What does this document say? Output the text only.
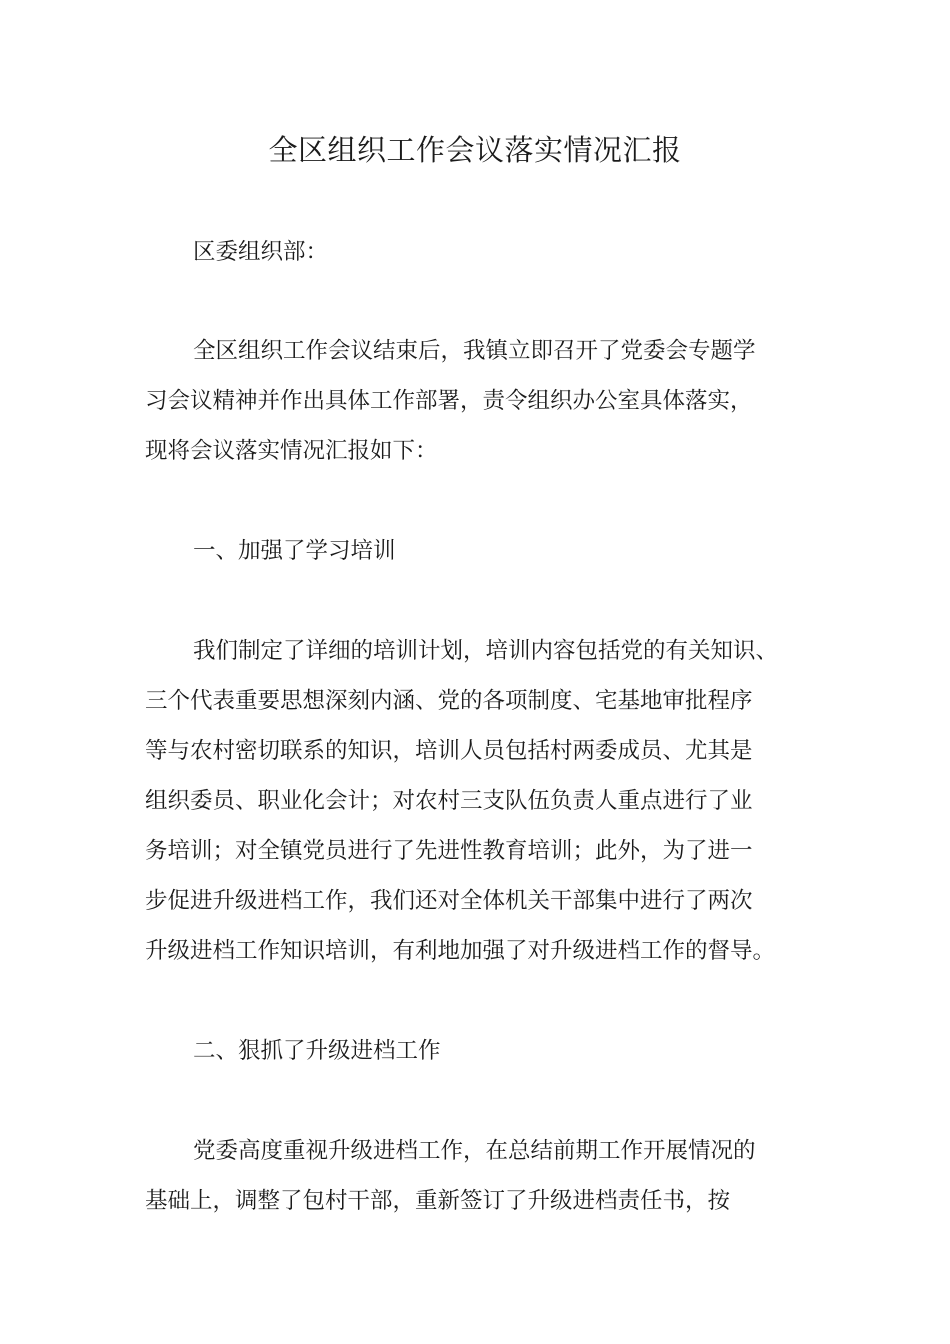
全区组织工作会议落实情况汇报
区委组织部：
全区组织工作会议结束后，我镇立即召开了党委会专题学
习会议精神并作出具体工作部署，责令组织办公室具体落实，
现将会议落实情况汇报如下：
一、加强了学习培训
我们制定了详细的培训计划，培训内容包括党的有关知识、
三个代表重要思想深刻内涵、党的各项制度、宅基地审批程序
等与农村密切联系的知识，培训人员包括村两委成员、尤其是
组织委员、职业化会计；对农村三支队伍负责人重点进行了业
务培训；对全镇党员进行了先进性教育培训；此外，为了进一
步促进升级进档工作，我们还对全体机关干部集中进行了两次
升级进档工作知识培训，有利地加强了对升级进档工作的督导。
二、狠抓了升级进档工作
党委高度重视升级进档工作，在总结前期工作开展情况的
基础上，调整了包村干部，重新签订了升级进档责任书，按
